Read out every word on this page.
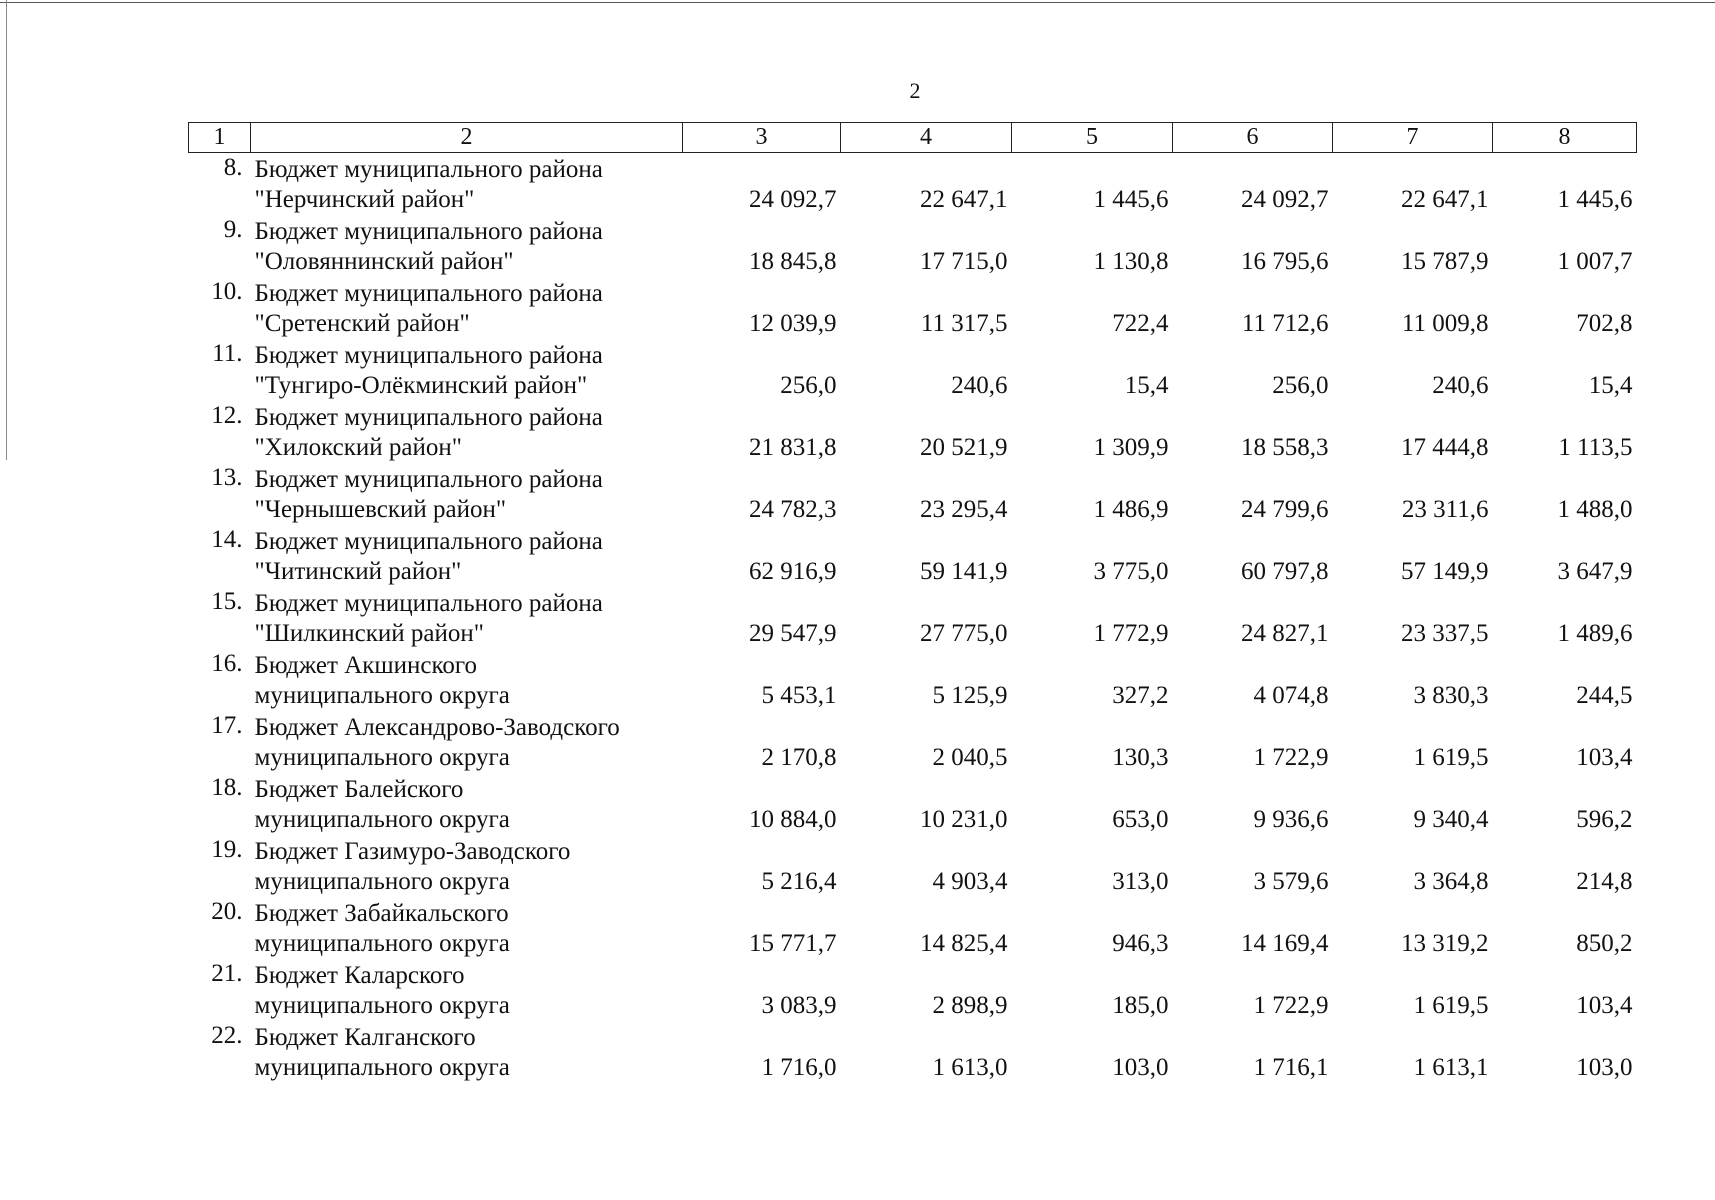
2
1	2	3	4	5	6	7	8
8.	Бюджет муниципального района
"Нерчинский район"	24 092,7	22 647,1	1 445,6	24 092,7	22 647,1	1 445,6
9.	Бюджет муниципального района
"Оловяннинский район"	18 845,8	17 715,0	1 130,8	16 795,6	15 787,9	1 007,7
10.	Бюджет муниципального района
"Сретенский район"	12 039,9	11 317,5	722,4	11 712,6	11 009,8	702,8
11.	Бюджет муниципального района
"Тунгиро-Олёкминский район"	256,0	240,6	15,4	256,0	240,6	15,4
12.	Бюджет муниципального района
"Хилокский район"	21 831,8	20 521,9	1 309,9	18 558,3	17 444,8	1 113,5
13.	Бюджет муниципального района
"Чернышевский район"	24 782,3	23 295,4	1 486,9	24 799,6	23 311,6	1 488,0
14.	Бюджет муниципального района
"Читинский район"	62 916,9	59 141,9	3 775,0	60 797,8	57 149,9	3 647,9
15.	Бюджет муниципального района
"Шилкинский район"	29 547,9	27 775,0	1 772,9	24 827,1	23 337,5	1 489,6
16.	Бюджет Акшинского
муниципального округа	5 453,1	5 125,9	327,2	4 074,8	3 830,3	244,5
17.	Бюджет Александрово-Заводского
муниципального округа	2 170,8	2 040,5	130,3	1 722,9	1 619,5	103,4
18.	Бюджет Балейского
муниципального округа	10 884,0	10 231,0	653,0	9 936,6	9 340,4	596,2
19.	Бюджет Газимуро-Заводского
муниципального округа	5 216,4	4 903,4	313,0	3 579,6	3 364,8	214,8
20.	Бюджет Забайкальского
муниципального округа	15 771,7	14 825,4	946,3	14 169,4	13 319,2	850,2
21.	Бюджет Каларского
муниципального округа	3 083,9	2 898,9	185,0	1 722,9	1 619,5	103,4
22.	Бюджет Калганского
муниципального округа	1 716,0	1 613,0	103,0	1 716,1	1 613,1	103,0
